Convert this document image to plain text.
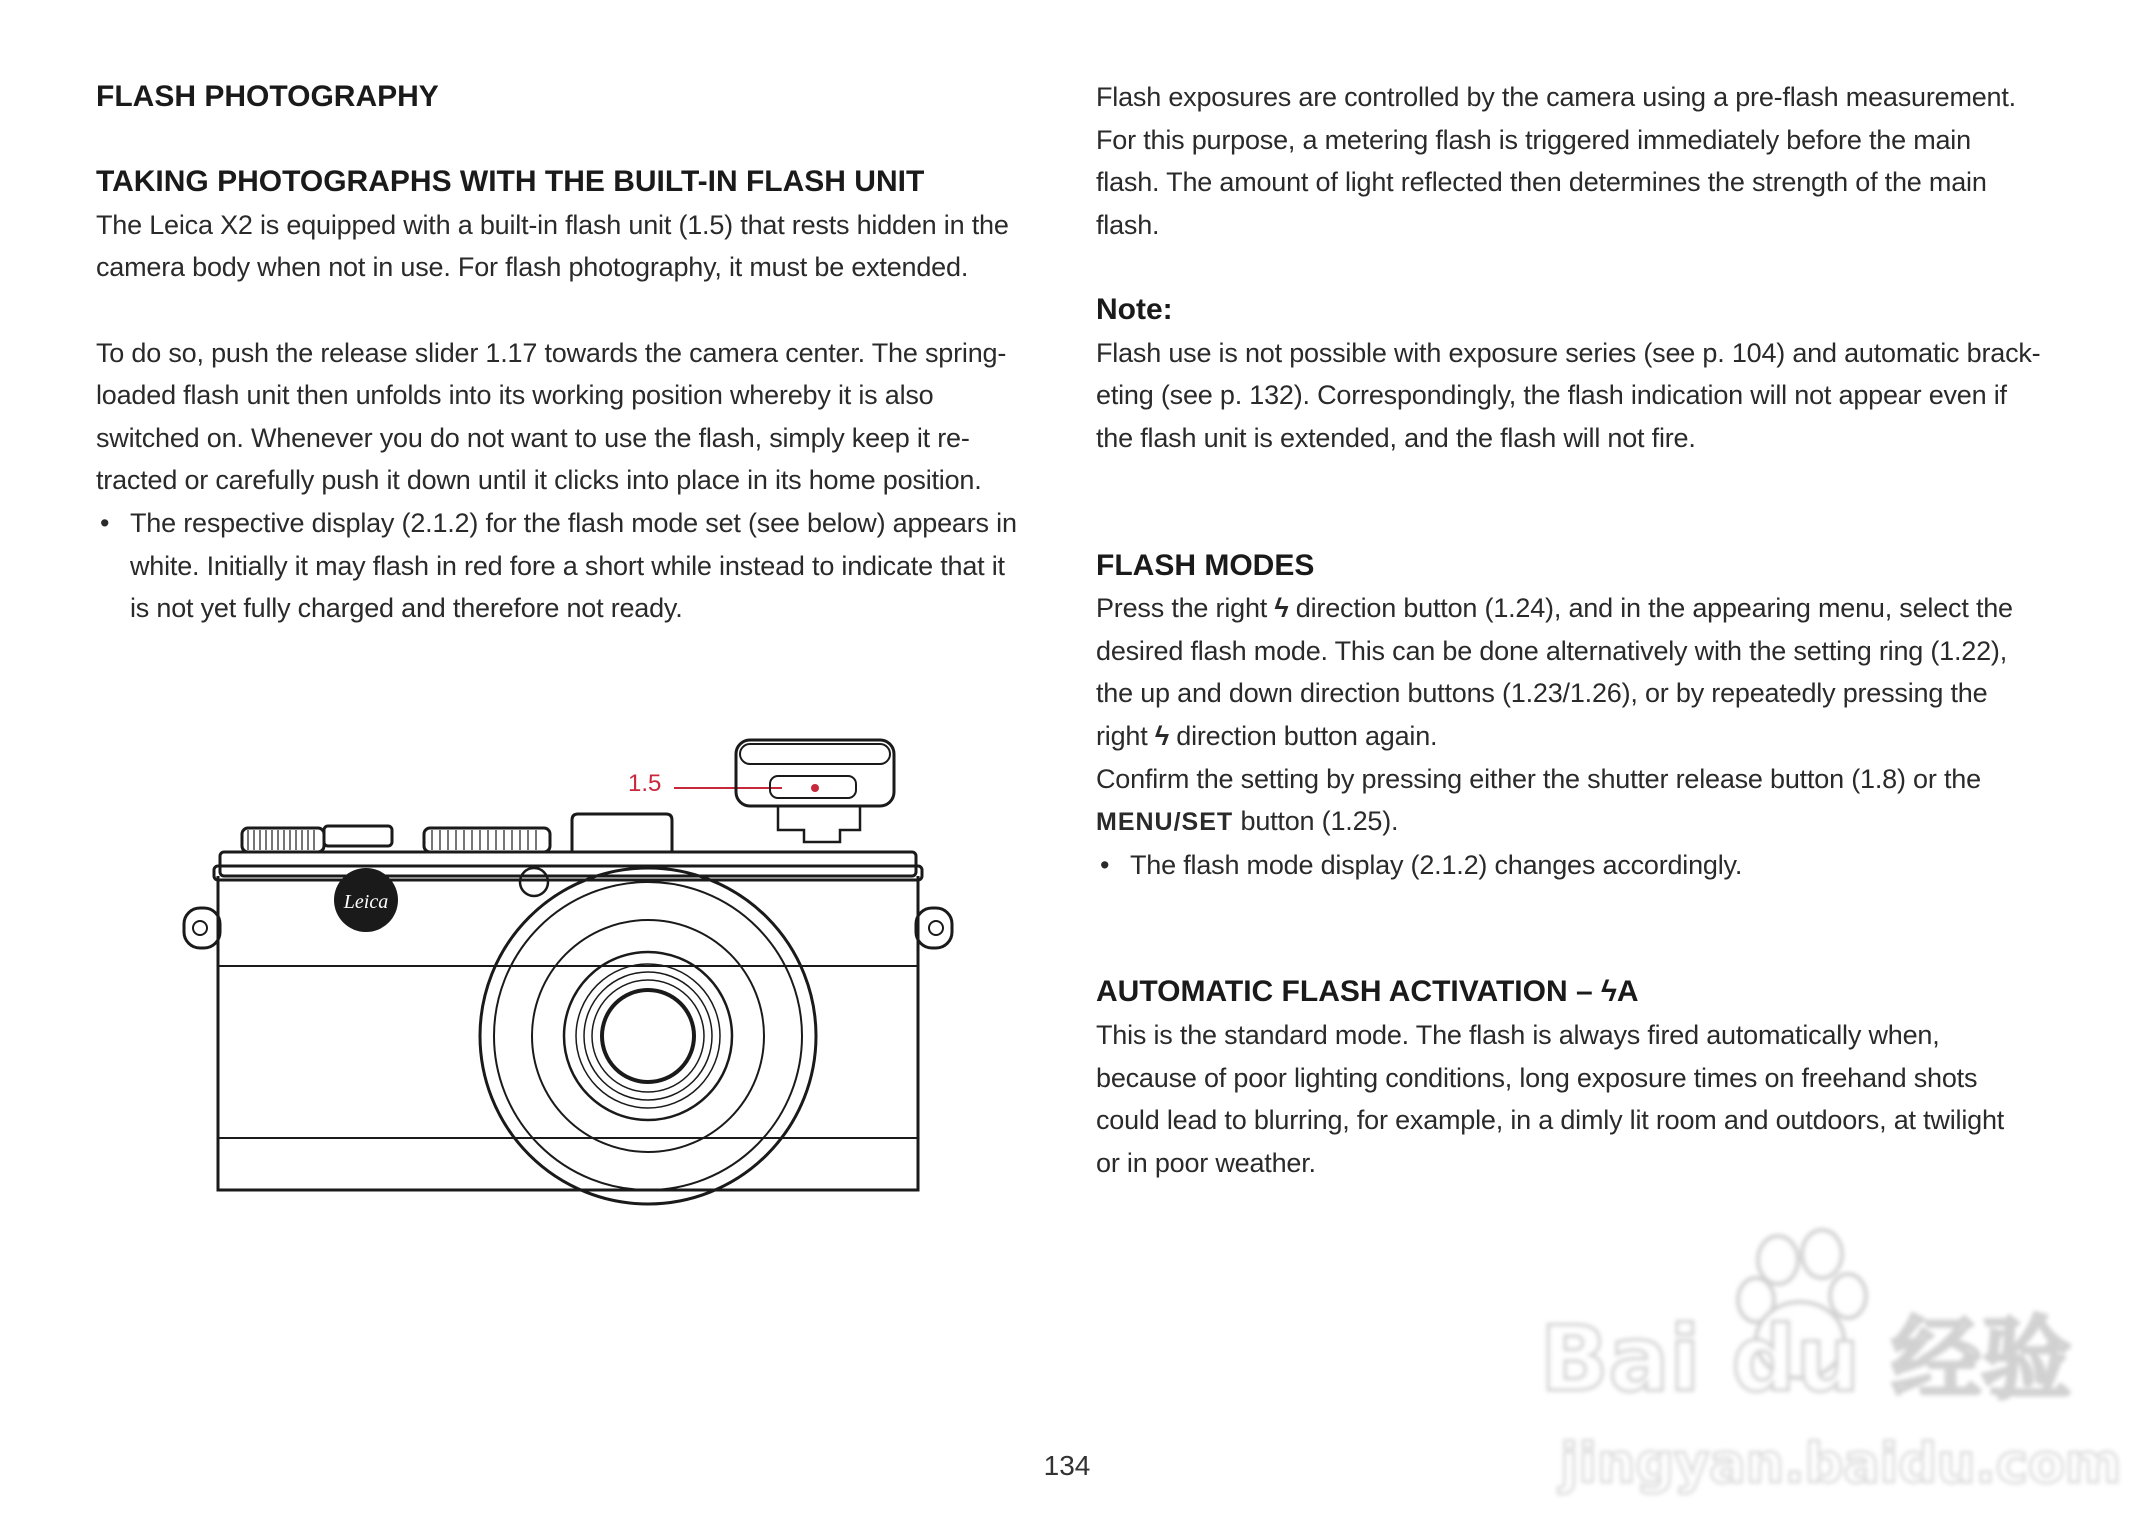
FLASH PHOTOGRAPHY

TAKING PHOTOGRAPHS WITH THE BUILT-IN FLASH UNIT

The Leica X2 is equipped with a built-in flash unit (1.5) that rests hidden in the

camera body when not in use. For flash photography, it must be extended.

To do so, push the release slider 1.17 towards the camera center. The spring-

loaded flash unit then unfolds into its working position whereby it is also

switched on. Whenever you do not want to use the flash, simply keep it re-

tracted or carefully push it down until it clicks into place in its home position.

• The respective display (2.1.2) for the flash mode set (see below) appears in
white. Initially it may flash in red fore a short while instead to indicate that it
is not yet fully charged and therefore not ready.
1.5
Leica

Flash exposures are controlled by the camera using a pre-flash measurement.

For this purpose, a metering flash is triggered immediately before the main

flash. The amount of light reflected then determines the strength of the main

flash.

Note:

Flash use is not possible with exposure series (see p. 104) and automatic brack-

eting (see p. 132). Correspondingly, the flash indication will not appear even if

the flash unit is extended, and the flash will not fire.

FLASH MODES

Press the right ϟ direction button (1.24), and in the appearing menu, select the

desired flash mode. This can be done alternatively with the setting ring (1.22),

the up and down direction buttons (1.23/1.26), or by repeatedly pressing the

right ϟ direction button again.

Confirm the setting by pressing either the shutter release button (1.8) or the

MENU/SET button (1.25).

• The flash mode display (2.1.2) changes accordingly.

AUTOMATIC FLASH ACTIVATION – ϟA

This is the standard mode. The flash is always fired automatically when,

because of poor lighting conditions, long exposure times on freehand shots

could lead to blurring, for example, in a dimly lit room and outdoors, at twilight

or in poor weather.

134
Bai du 经验
jingyan.baidu.com
